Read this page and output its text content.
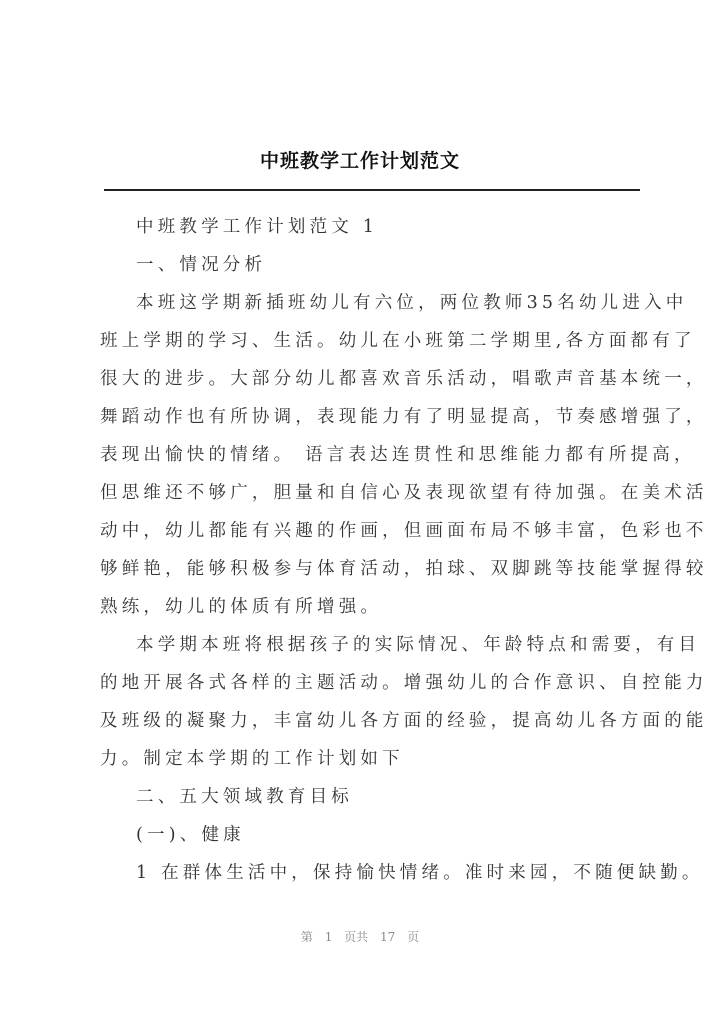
中班教学工作计划范文
中班教学工作计划范文 1
一、情况分析
本班这学期新插班幼儿有六位，两位教师35名幼儿进入中
班上学期的学习、生活。幼儿在小班第二学期里,各方面都有了
很大的进步。大部分幼儿都喜欢音乐活动，唱歌声音基本统一，
舞蹈动作也有所协调，表现能力有了明显提高，节奏感增强了，
表现出愉快的情绪。 语言表达连贯性和思维能力都有所提高，
但思维还不够广，胆量和自信心及表现欲望有待加强。在美术活
动中，幼儿都能有兴趣的作画，但画面布局不够丰富，色彩也不
够鲜艳，能够积极参与体育活动，拍球、双脚跳等技能掌握得较
熟练，幼儿的体质有所增强。
本学期本班将根据孩子的实际情况、年龄特点和需要，有目
的地开展各式各样的主题活动。增强幼儿的合作意识、自控能力
及班级的凝聚力，丰富幼儿各方面的经验，提高幼儿各方面的能
力。制定本学期的工作计划如下
二、五大领域教育目标
(一)、健康
1 在群体生活中，保持愉快情绪。准时来园，不随便缺勤。
第 1 页共 17 页
